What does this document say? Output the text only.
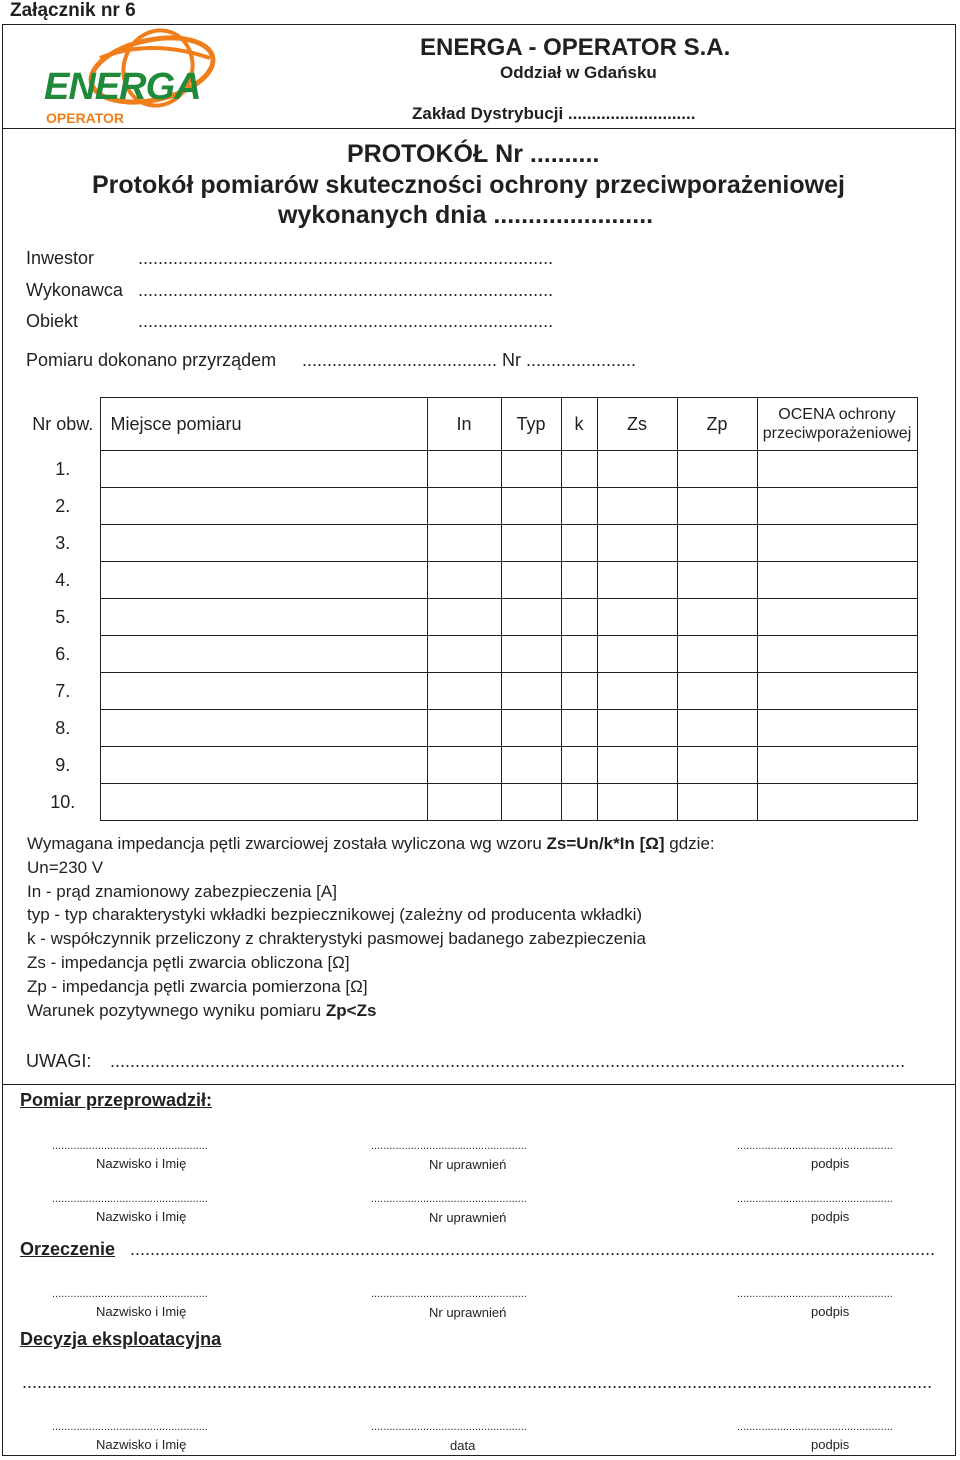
Załącznik nr 6
ENERGA
OPERATOR
ENERGA - OPERATOR S.A.
Oddział w Gdańsku
Zakład Dystrybucji ...........................
PROTOKÓŁ Nr ..........
Protokół pomiarów skuteczności ochrony przeciwporażeniowej
wykonanych dnia .......................
Inwestor ...................................................................................
Wykonawca ...................................................................................
Obiekt	...................................................................................
Pomiaru dokonano przyrządem ....................................... Nr ......................
Nr obw.	Miejsce pomiaru	In	Typ	k	Zs	Zp	OCENA ochrony przeciwporażeniowej
1.							
2.							
3.							
4.							
5.							
6.							
7.							
8.							
9.							
10.							
Wymagana impedancja pętli zwarciowej została wyliczona wg wzoru Zs=Un/k*In [Ω] gdzie:
Un=230 V
In - prąd znamionowy zabezpieczenia [A]
typ - typ charakterystyki wkładki bezpiecznikowej (zależny od producenta wkładki)
k - współczynnik przeliczony z chrakterystyki pasmowej badanego zabezpieczenia
Zs - impedancja pętli zwarcia obliczona [Ω]
Zp - impedancja pętli zwarcia pomierzona [Ω]
Warunek pozytywnego wyniku pomiaru Zp<Zs
UWAGI: ...............................................................................................................................................................
Pomiar przeprowadził:
...................................................	...................................................	...................................................
Nazwisko i Imię	Nr uprawnień	podpis
...................................................	...................................................	...................................................
Nazwisko i Imię	Nr uprawnień	podpis
Orzeczenie .................................................................................................................................................................
...................................................	...................................................	...................................................
Nazwisko i Imię	Nr uprawnień	podpis
Decyzja eksploatacyjna
......................................................................................................................................................................................
...................................................	...................................................	...................................................
Nazwisko i Imię	data	podpis
